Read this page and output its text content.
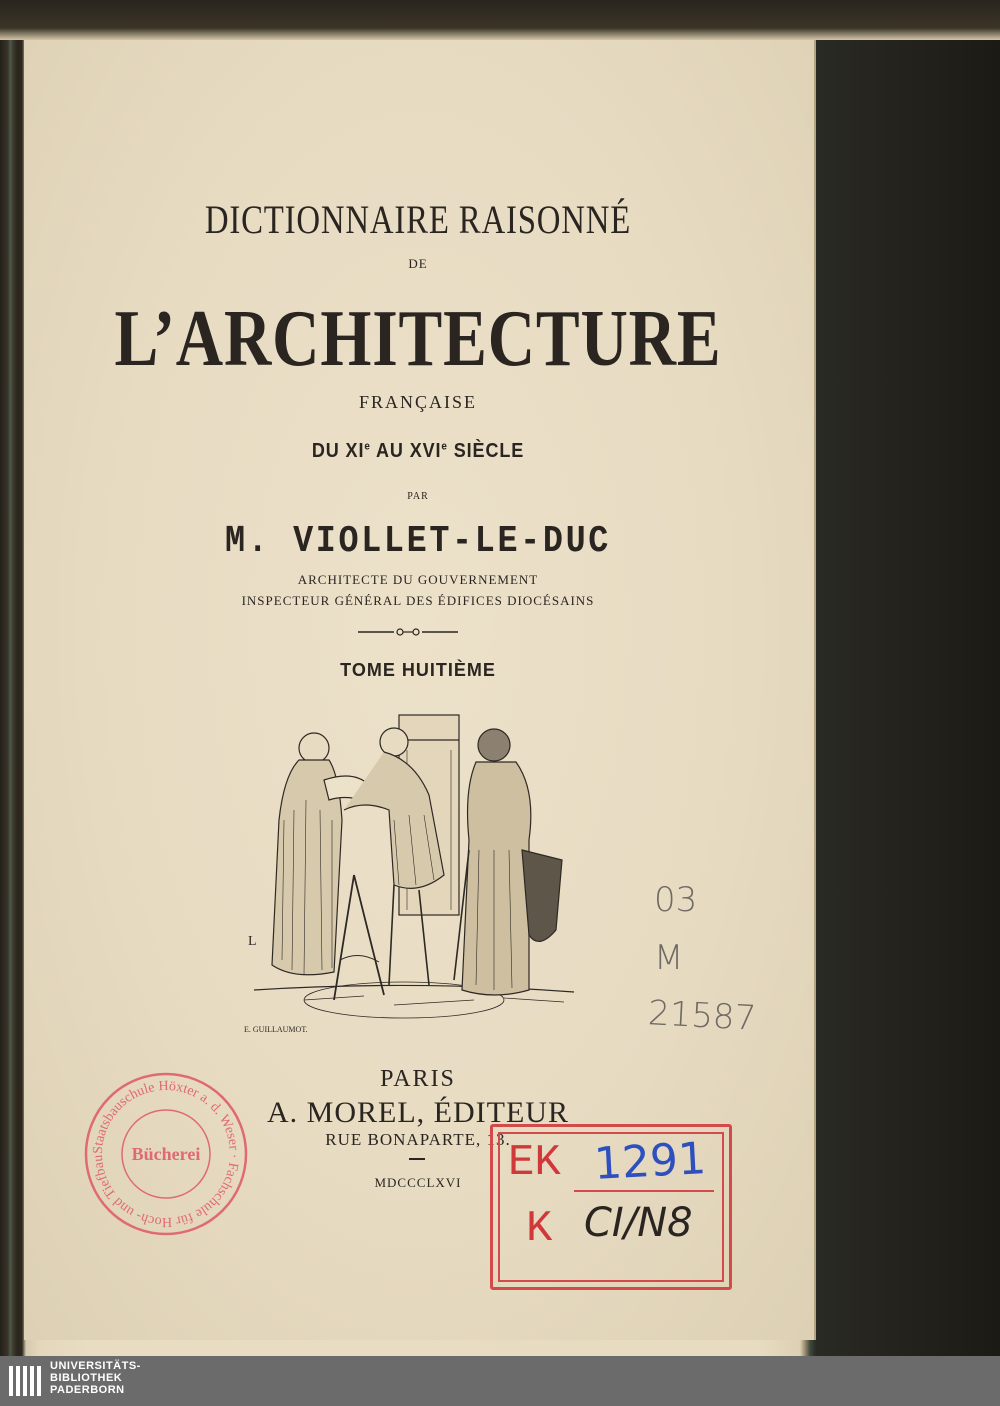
DICTIONNAIRE RAISONNÉ
DE
L’ARCHITECTURE
FRANÇAISE
DU XIe AU XVIe SIÈCLE
PAR
M. VIOLLET-LE-DUC
ARCHITECTE DU GOUVERNEMENT
INSPECTEUR GÉNÉRAL DES ÉDIFICES DIOCÉSAINS
TOME HUITIÈME
L
E. GUILLAUMOT.
PARIS
A. MOREL, ÉDITEUR
RUE BONAPARTE, 13.
MDCCCLXVI
03
M
21587
Staatsbauschule Höxter a. d. Weser · Fachschule für Hoch- und Tiefbau	Bücherei	EK
K
1291
CI/N8
UNIVERSITÄTS-
BIBLIOTHEK
PADERBORN
